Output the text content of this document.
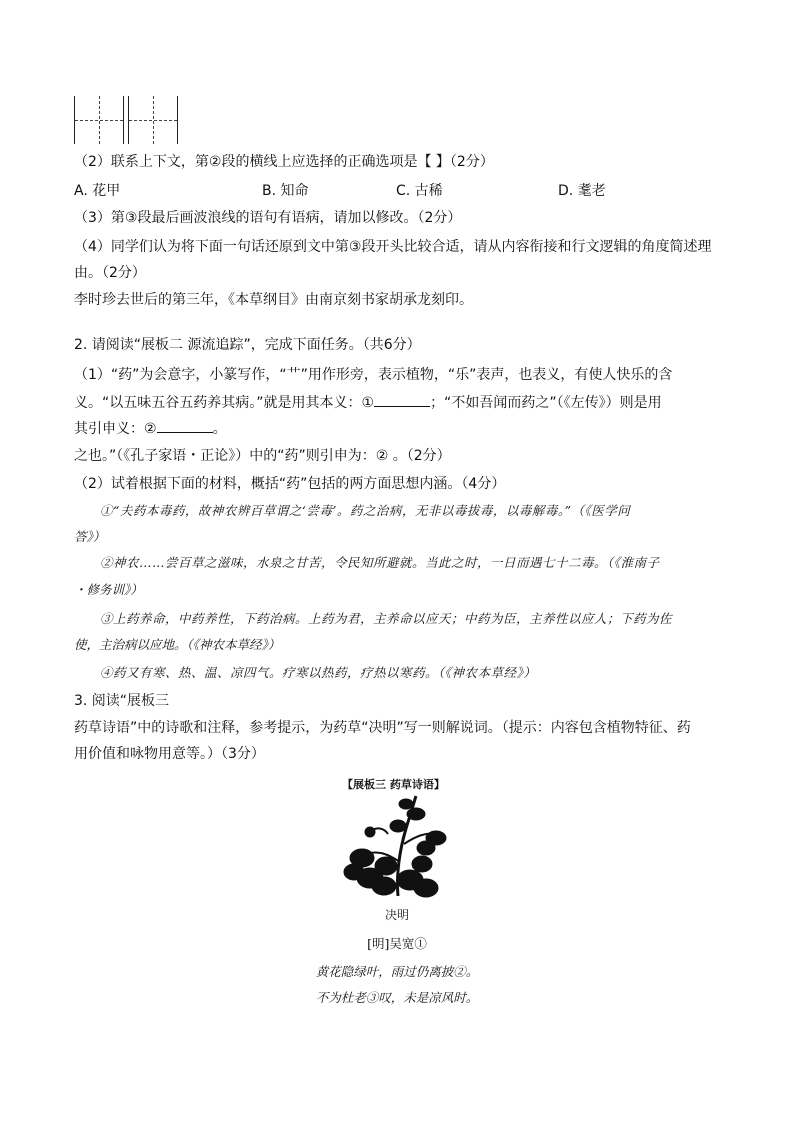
（2）联系上下文，第②段的横线上应选择的正确选项是【 】（2分）
A. 花甲	B. 知命	C. 古稀	D. 耄老
（3）第③段最后画波浪线的语句有语病，请加以修改。（2分）
（4）同学们认为将下面一句话还原到文中第③段开头比较合适，请从内容衔接和行文逻辑的角度简述理
由。（2分）
李时珍去世后的第三年，《本草纲目》由南京刻书家胡承龙刻印。
2. 请阅读“展板二 源流追踪”，完成下面任务。（共6分）
（1）“药”为会意字，小篆写作，“艹”用作形旁，表示植物，“乐”表声，也表义，有使人快乐的含
义。“以五味五谷五药养其病。”就是用其本义：①	；“不如吾闻而药之”（《左传》）则是用
其引申义：②	。
之也。”（《孔子家语・正论》）中的“药”则引申为：② 。（2分）
（2）试着根据下面的材料，概括“药”包括的两方面思想内涵。（4分）
①“夫药本毒药，故神农辨百草谓之‘尝毒’。药之治病，无非以毒拔毒，以毒解毒。”（《医学问
答》）
②神农……尝百草之滋味，水泉之甘苦，令民知所避就。当此之时，一日而遇七十二毒。（《淮南子
・修务训》）
③上药养命，中药养性，下药治病。上药为君，主养命以应天；中药为臣，主养性以应人；下药为佐
使，主治病以应地。（《神农本草经》）
④药又有寒、热、温、凉四气。疗寒以热药，疗热以寒药。（《神农本草经》）
3. 阅读“展板三
药草诗语”中的诗歌和注释，参考提示，为药草“决明”写一则解说词。（提示：内容包含植物特征、药
用价值和咏物用意等。）（3分）
【展板三 药草诗语】
决明
[明]吴宽①
黄花隐绿叶，雨过仍离披②。
不为杜老③叹，未是凉风时。
